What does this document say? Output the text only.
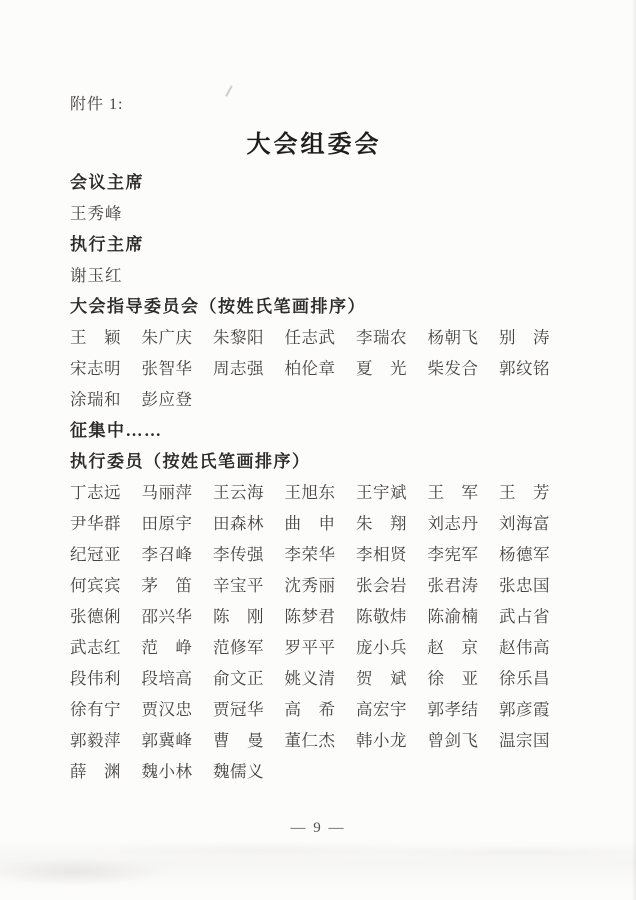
附件 1:
大会组委会
会议主席
王秀峰
执行主席
谢玉红
大会指导委员会（按姓氏笔画排序）
王　颖	朱广庆	朱黎阳	任志武	李瑞农	杨朝飞	别　涛
宋志明	张智华	周志强	柏伦章	夏　光	柴发合	郭纹铭
涂瑞和	彭应登
征集中……
执行委员（按姓氏笔画排序）
丁志远	马丽萍	王云海	王旭东	王宇斌	王　军	王　芳
尹华群	田原宇	田森林	曲　申	朱　翔	刘志丹	刘海富
纪冠亚	李召峰	李传强	李荣华	李相贤	李宪军	杨德军
何宾宾	茅　笛	辛宝平	沈秀丽	张会岩	张君涛	张忠国
张德俐	邵兴华	陈　刚	陈梦君	陈敬炜	陈渝楠	武占省
武志红	范　峥	范修军	罗平平	庞小兵	赵　京	赵伟高
段伟利	段培高	俞文正	姚义清	贺　斌	徐　亚	徐乐昌
徐有宁	贾汉忠	贾冠华	高　希	高宏宇	郭孝结	郭彦霞
郭毅萍	郭冀峰	曹　曼	董仁杰	韩小龙	曾剑飞	温宗国
薛　渊	魏小林	魏儒义
— 9 —
